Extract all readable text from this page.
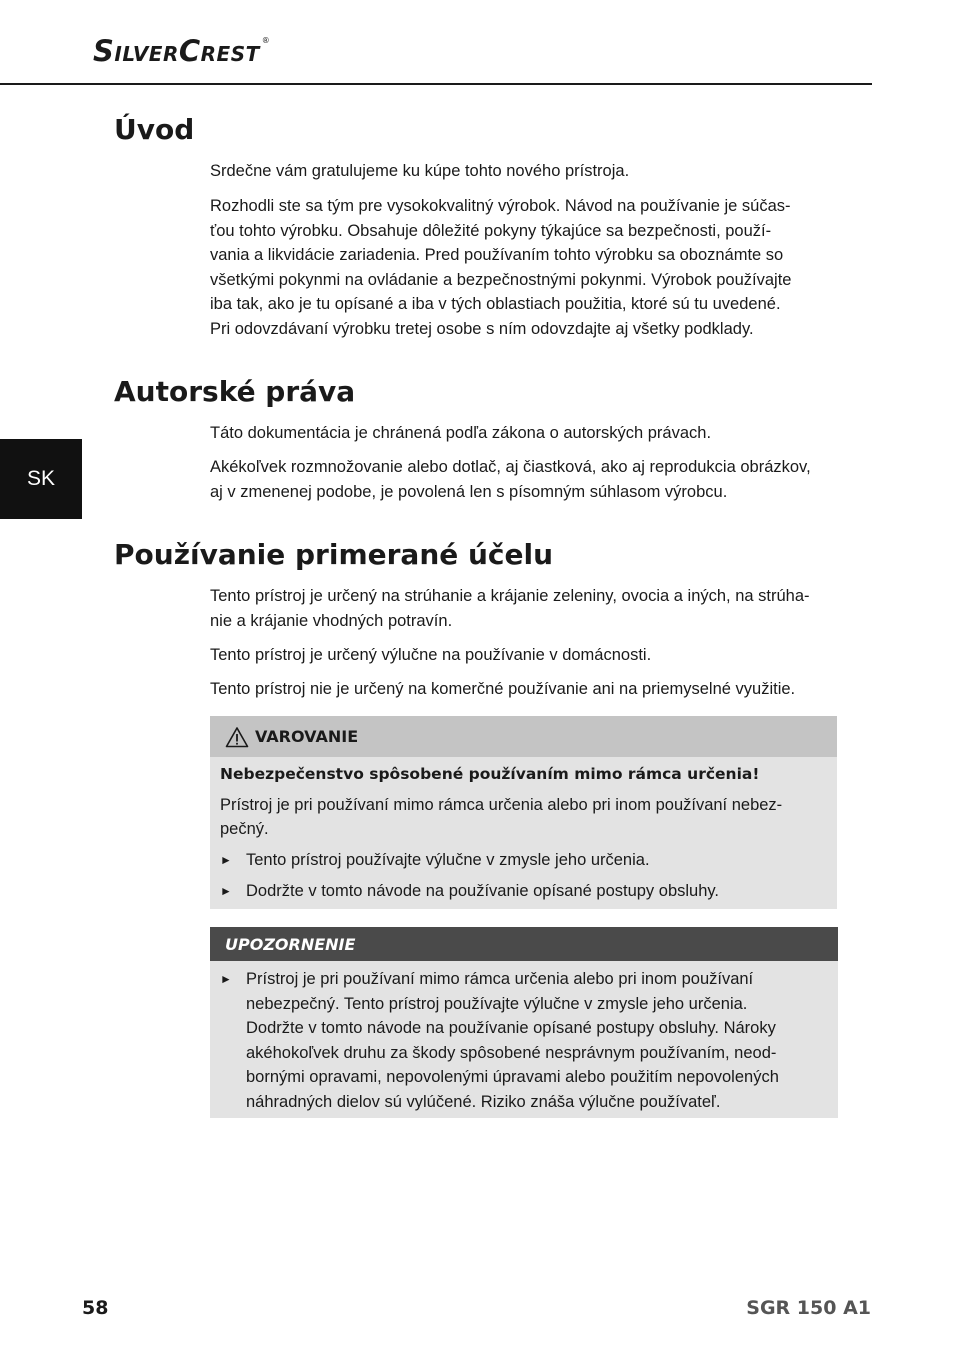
SilverCrest ®
SK
Úvod

Srdečne vám gratulujeme ku kúpe tohto nového prístroja.

Rozhodli ste sa tým pre vysokokvalitný výrobok. Návod na používanie je súčas-
ťou tohto výrobku. Obsahuje dôležité pokyny týkajúce sa bezpečnosti, použí-
vania a likvidácie zariadenia. Pred používaním tohto výrobku sa oboznámte so
všetkými pokynmi na ovládanie a bezpečnostnými pokynmi. Výrobok používajte
iba tak, ako je tu opísané a iba v tých oblastiach použitia, ktoré sú tu uvedené.
Pri odovzdávaní výrobku tretej osobe s ním odovzdajte aj všetky podklady.
Autorské práva

Táto dokumentácia je chránená podľa zákona o autorských právach.

Akékoľvek rozmnožovanie alebo dotlač, aj čiastková, ako aj reprodukcia obrázkov,
aj v zmenenej podobe, je povolená len s písomným súhlasom výrobcu.
Používanie primerané účelu
Tento prístroj je určený na strúhanie a krájanie zeleniny, ovocia a iných, na strúha-
nie a krájanie vhodných potravín.

Tento prístroj je určený výlučne na používanie v domácnosti.

Tento prístroj nie je určený na komerčné používanie ani na priemyselné využitie.

VAROVANIE
Nebezpečenstvo spôsobené používaním mimo rámca určenia!
Prístroj je pri používaní mimo rámca určenia alebo pri inom používaní nebez-
pečný.
► Tento prístroj používajte výlučne v zmysle jeho určenia.
► Dodržte v tomto návode na používanie opísané postupy obsluhy.
UPOZORNENIE
► Prístroj je pri používaní mimo rámca určenia alebo pri inom používaní
nebezpečný. Tento prístroj používajte výlučne v zmysle jeho určenia.
Dodržte v tomto návode na používanie opísané postupy obsluhy. Nároky
akéhokoľvek druhu za škody spôsobené nesprávnym používaním, neod-
bornými opravami, nepovolenými úpravami alebo použitím nepovolených
náhradných dielov sú vylúčené. Riziko znáša výlučne používateľ.
58	SGR 150 A1
